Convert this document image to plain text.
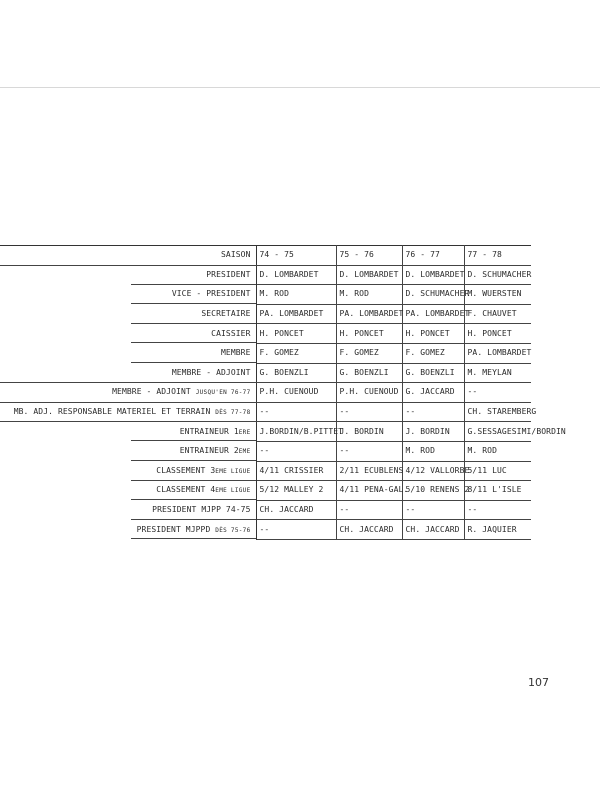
SAISON	74 - 75	75 - 76	76 - 77	77 - 78
PRESIDENT	D. LOMBARDET	D. LOMBARDET	D. LOMBARDET	D. SCHUMACHER
VICE - PRESIDENT	M. ROD	M. ROD	D. SCHUMACHER	M. WUERSTEN
SECRETAIRE	PA. LOMBARDET	PA. LOMBARDET	PA. LOMBARDET	F. CHAUVET
CAISSIER	H. PONCET	H. PONCET	H. PONCET	H. PONCET
MEMBRE	F. GOMEZ	F. GOMEZ	F. GOMEZ	PA. LOMBARDET
MEMBRE - ADJOINT	G. BOENZLI	G. BOENZLI	G. BOENZLI	M. MEYLAN
MEMBRE - ADJOINT JUSQU'EN 76-77	P.H. CUENOUD	P.H. CUENOUD	G. JACCARD	--
MB. ADJ. RESPONSABLE MATERIEL ET TERRAIN DÈS 77-78	--	--	--	CH. STAREMBERG
ENTRAINEUR 1ERE	J.BORDIN/B.PITTET	J. BORDIN	J. BORDIN	G.SESSAGESIMI/BORDIN
ENTRAINEUR 2EME	--	--	M. ROD	M. ROD
CLASSEMENT 3EME LIGUE	4/11 CRISSIER	2/11 ECUBLENS	4/12 VALLORBE	5/11 LUC
CLASSEMENT 4EME LIGUE	5/12 MALLEY 2	4/11 PENA-GAL.	5/10 RENENS 2	8/11 L'ISLE
PRESIDENT MJPP 74-75	CH. JACCARD	--	--	--
PRESIDENT MJPPD DÈS 75-76	--	CH. JACCARD	CH. JACCARD	R. JAQUIER
107
